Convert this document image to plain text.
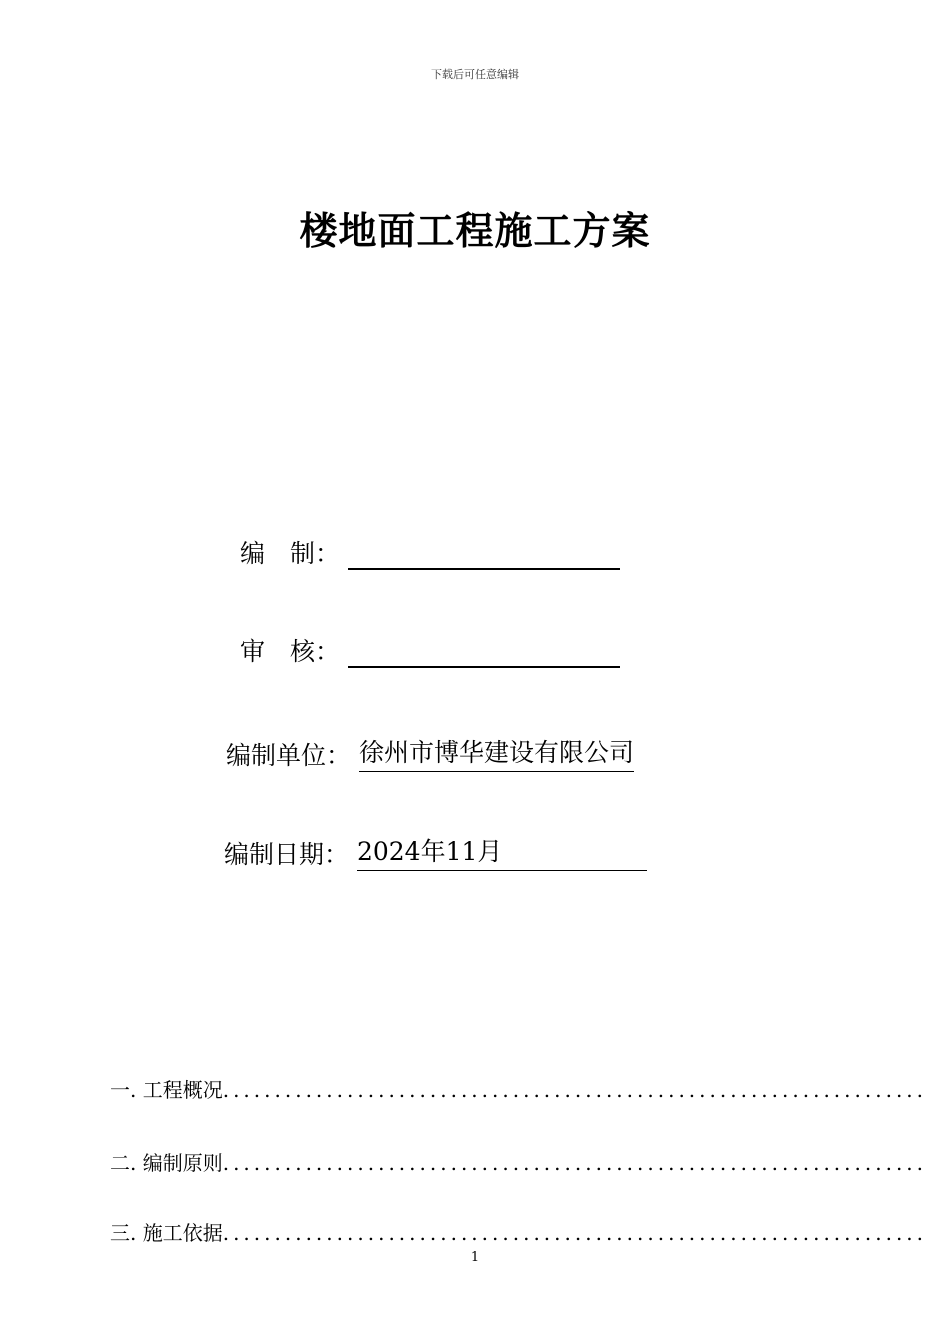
下载后可任意编辑
楼地面工程施工方案
编　制：
审　核：
编制单位： 徐州市博华建设有限公司
编制日期： 2024年11月
一. 工程概况....................................................................
二. 编制原则....................................................................
三. 施工依据....................................................................
1
